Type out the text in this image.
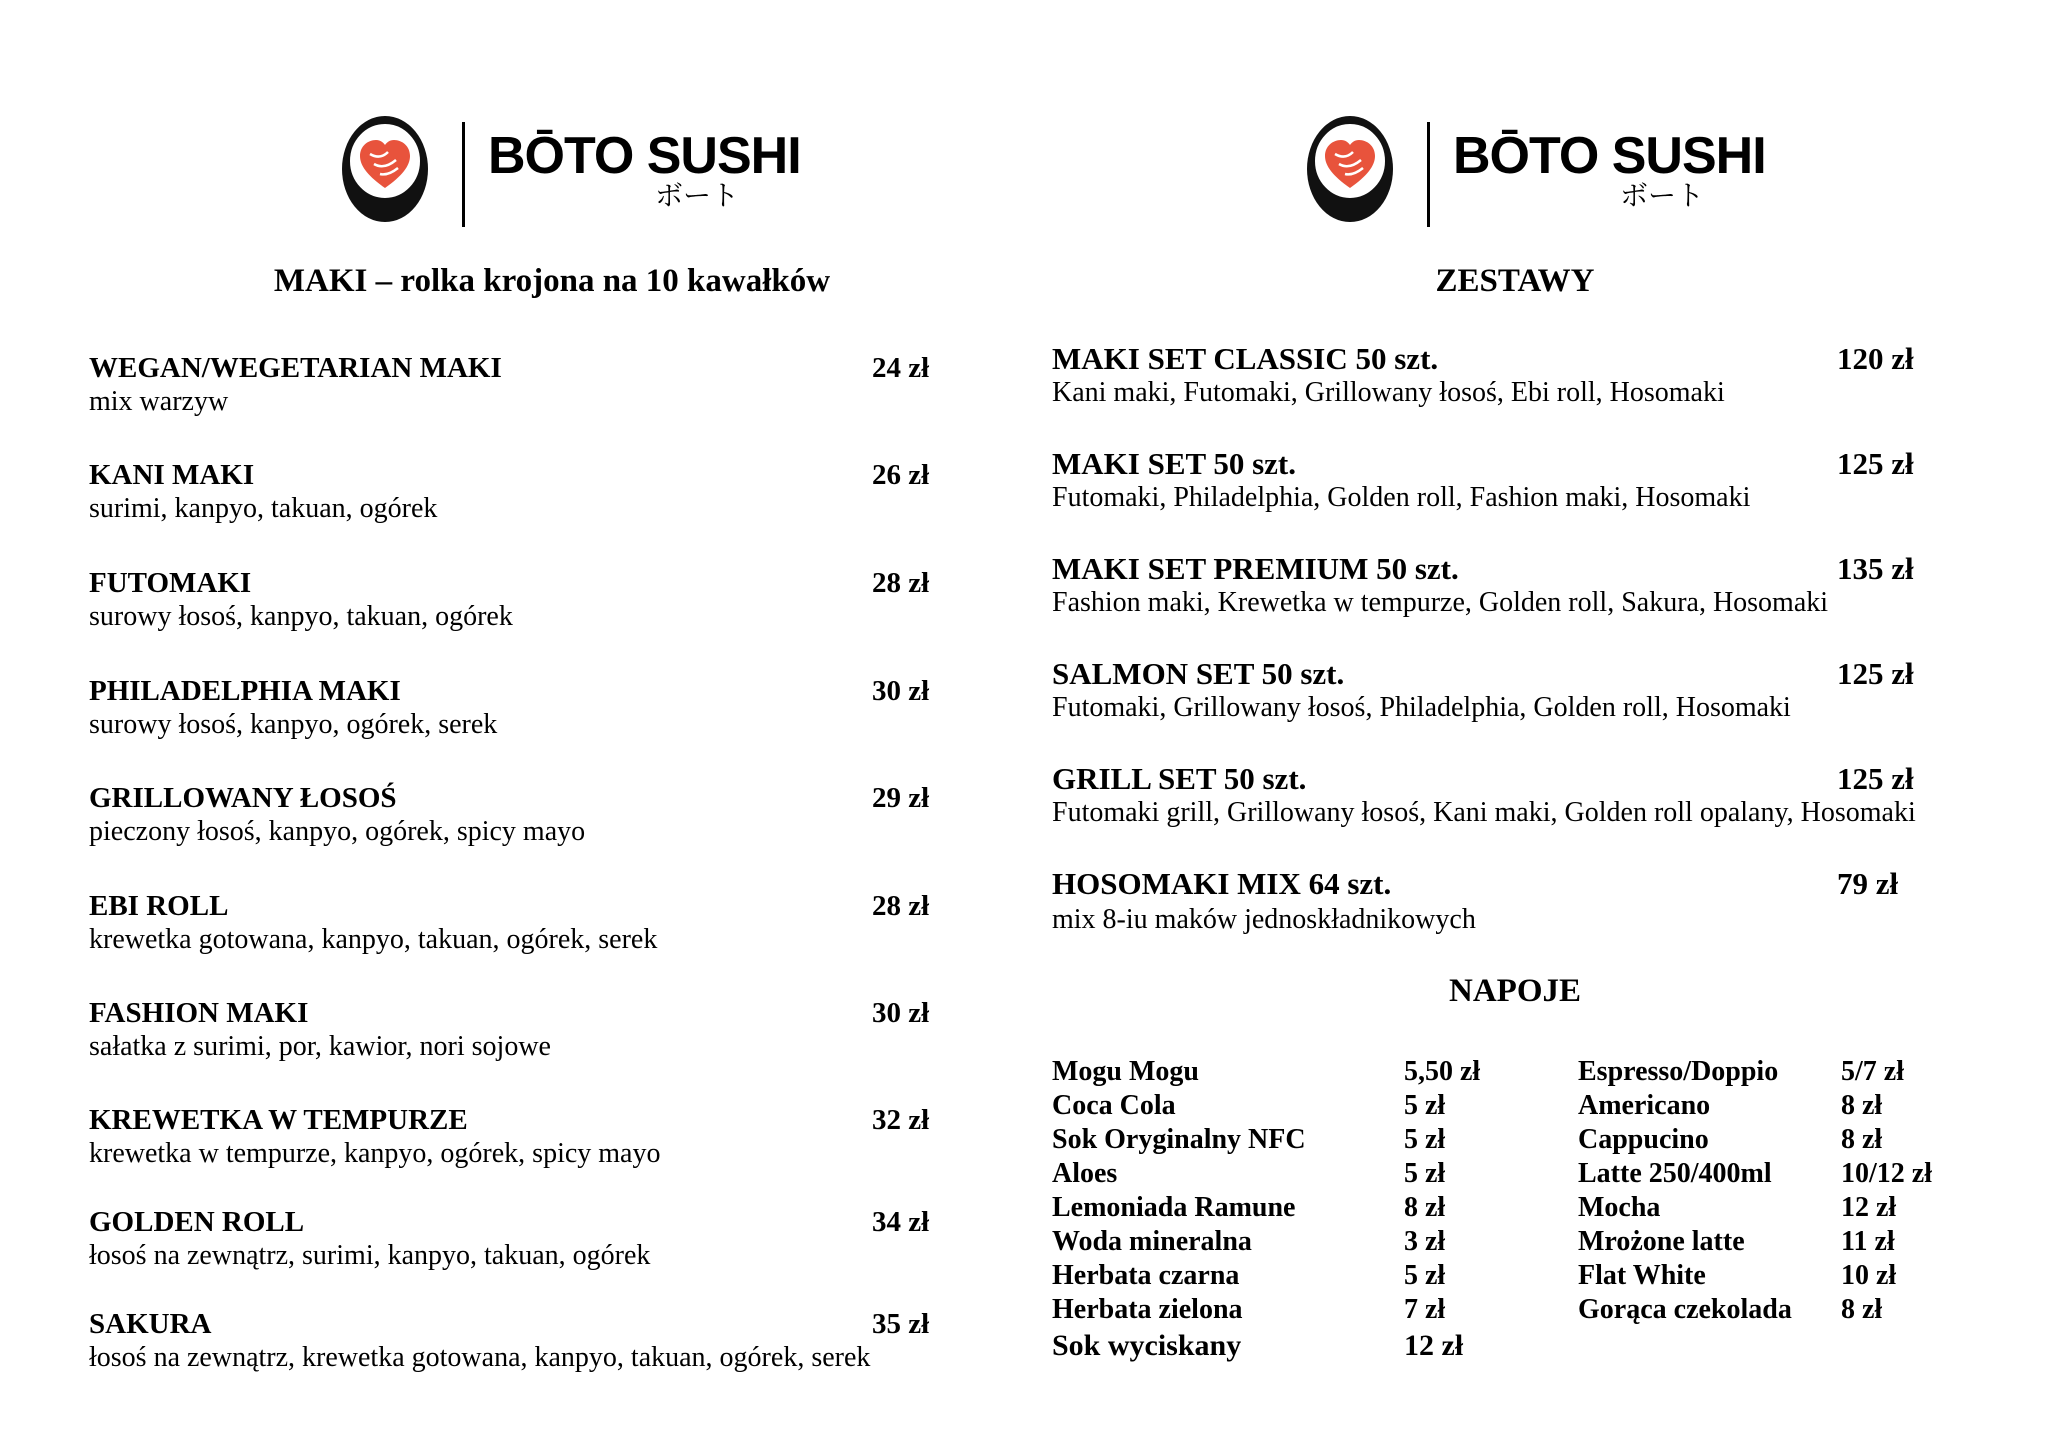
BŌTO SUSHI
ボート
BŌTO SUSHI
ボート
MAKI – rolka krojona na 10 kawałków	ZESTAWY
NAPOJE
WEGAN/WEGETARIAN MAKI	24 zł
mix warzyw
KANI MAKI	26 zł
surimi, kanpyo, takuan, ogórek
FUTOMAKI	28 zł
surowy łosoś, kanpyo, takuan, ogórek
PHILADELPHIA MAKI	30 zł
surowy łosoś, kanpyo, ogórek, serek
GRILLOWANY ŁOSOŚ	29 zł
pieczony łosoś, kanpyo, ogórek, spicy mayo
EBI ROLL	28 zł
krewetka gotowana, kanpyo, takuan, ogórek, serek
FASHION MAKI	30 zł
sałatka z surimi, por, kawior, nori sojowe
KREWETKA W TEMPURZE	32 zł
krewetka w tempurze, kanpyo, ogórek, spicy mayo
GOLDEN ROLL	34 zł
łosoś na zewnątrz, surimi, kanpyo, takuan, ogórek
SAKURA	35 zł
łosoś na zewnątrz, krewetka gotowana, kanpyo, takuan, ogórek, serek
MAKI SET CLASSIC 50 szt.	120 zł
Kani maki, Futomaki, Grillowany łosoś, Ebi roll, Hosomaki
MAKI SET 50 szt.	125 zł
Futomaki, Philadelphia, Golden roll, Fashion maki, Hosomaki
MAKI SET PREMIUM 50 szt.	135 zł
Fashion maki, Krewetka w tempurze, Golden roll, Sakura, Hosomaki
SALMON SET 50 szt.	125 zł
Futomaki, Grillowany łosoś, Philadelphia, Golden roll, Hosomaki
GRILL SET 50 szt.	125 zł
Futomaki grill, Grillowany łosoś, Kani maki, Golden roll opalany, Hosomaki
HOSOMAKI MIX 64 szt.	79 zł
mix 8-iu maków jednoskładnikowych
Mogu Mogu	5,50 zł
Coca Cola	5 zł
Sok Oryginalny NFC	5 zł
Aloes	5 zł
Lemoniada Ramune	8 zł
Woda mineralna	3 zł
Herbata czarna	5 zł
Herbata zielona	7 zł
Sok wyciskany	12 zł
Espresso/Doppio 5/7 zł
Americano	8 zł
Cappucino	8 zł
Latte 250/400ml 10/12 zł
Mocha	12 zł
Mrożone latte	11 zł
Flat White	10 zł
Gorąca czekolada 8 zł
